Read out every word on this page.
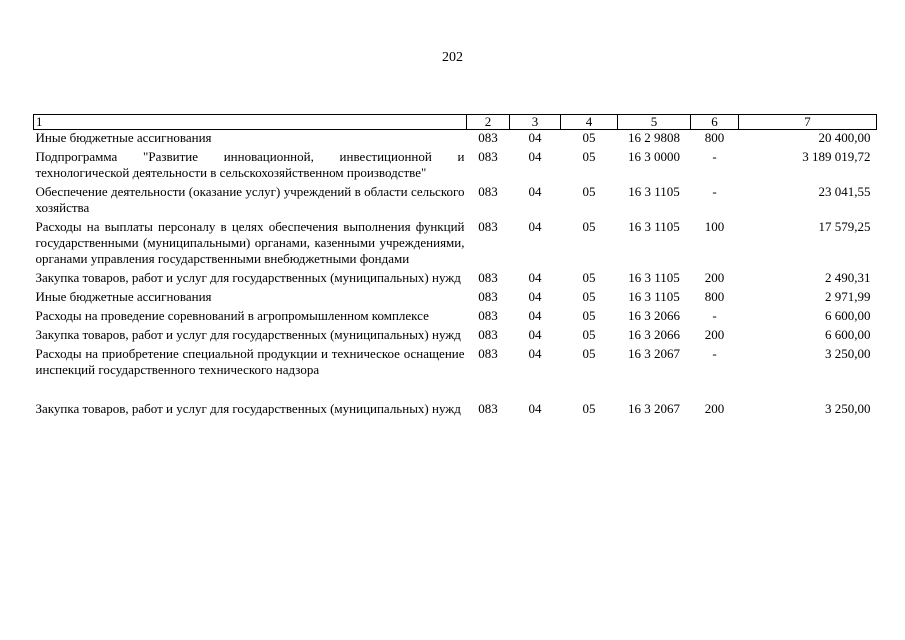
202
1	2	3	4	5	6	7
Иные бюджетные ассигнования	083	04	05	16 2 9808	800	20 400,00
Подпрограмма "Развитие инновационной, инвестиционной и технологической деятельности в сельскохозяйственном производстве"	083	04	05	16 3 0000	-	3 189 019,72
Обеспечение деятельности (оказание услуг) учреждений в области сельского хозяйства	083	04	05	16 3 1105	-	23 041,55
Расходы на выплаты персоналу в целях обеспечения выполнения функций государственными (муниципальными) органами, казенными учреждениями, органами управления государственными внебюджетными фондами	083	04	05	16 3 1105	100	17 579,25
Закупка товаров, работ и услуг для государственных (муниципальных) нужд	083	04	05	16 3 1105	200	2 490,31
Иные бюджетные ассигнования	083	04	05	16 3 1105	800	2 971,99
Расходы на проведение соревнований в агропромышленном комплексе	083	04	05	16 3 2066	-	6 600,00
Закупка товаров, работ и услуг для государственных (муниципальных) нужд	083	04	05	16 3 2066	200	6 600,00
Расходы на приобретение специальной продукции и техническое оснащение инспекций государственного технического надзора	083	04	05	16 3 2067	-	3 250,00
Закупка товаров, работ и услуг для государственных (муниципальных) нужд	083	04	05	16 3 2067	200	3 250,00
